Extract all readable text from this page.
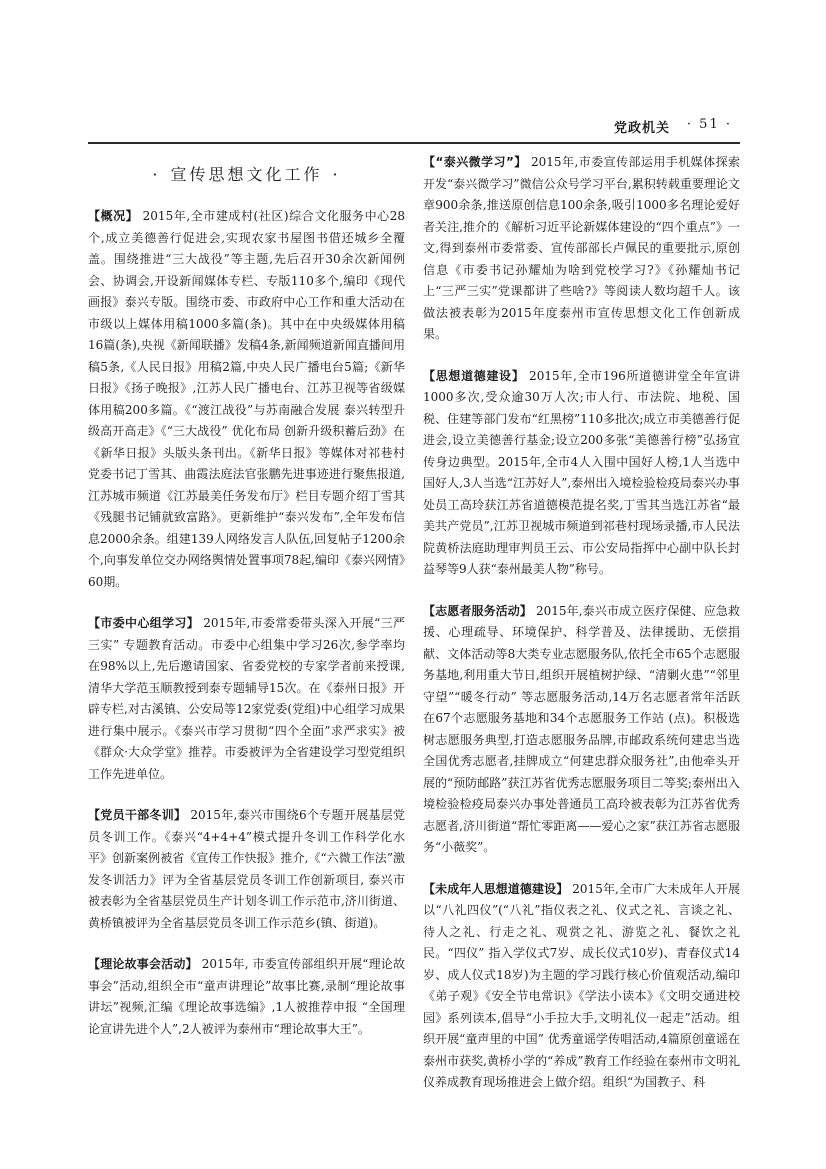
党政机关 · 51 ·
· 宣传思想文化工作 ·

【概况】 2015年,全市建成村(社区)综合文化服务中心28个,成立美德善行促进会,实现农家书屋图书借还城乡全覆盖。围绕推进“三大战役”等主题,先后召开30余次新闻例会、协调会,开设新闻媒体专栏、专版110多个,编印《现代画报》泰兴专版。围绕市委、市政府中心工作和重大活动在市级以上媒体用稿1000多篇(条)。其中在中央级媒体用稿16篇(条),央视《新闻联播》发稿4条,新闻频道新闻直播间用稿5条,《人民日报》用稿2篇,中央人民广播电台5篇;《新华日报》《扬子晚报》,江苏人民广播电台、江苏卫视等省级媒体用稿200多篇。《“渡江战役”与苏南融合发展 泰兴转型升级高开高走》《“三大战役” 优化布局 创新升级积蓄后劲》在《新华日报》头版头条刊出。《新华日报》等媒体对祁巷村党委书记丁雪其、曲霞法庭法官张鹏先进事迹进行聚焦报道,江苏城市频道《江苏最美任务发布厅》栏目专题介绍丁雪其《残腿书记铺就致富路》。更新维护“泰兴发布”,全年发布信息2000余条。组建139人网络发言人队伍,回复帖子1200余个,向事发单位交办网络舆情处置事项78起,编印《泰兴网情》60期。

【市委中心组学习】 2015年,市委常委带头深入开展“三严三实” 专题教育活动。市委中心组集中学习26次,参学率均在98%以上,先后邀请国家、省委党校的专家学者前来授课,清华大学范玉顺教授到泰专题辅导15次。在《泰州日报》开辟专栏,对古溪镇、公安局等12家党委(党组)中心组学习成果进行集中展示。《泰兴市学习贯彻“四个全面”求严求实》被《群众·大众学堂》推荐。市委被评为全省建设学习型党组织工作先进单位。

【党员干部冬训】 2015年,泰兴市围绕6个专题开展基层党员冬训工作。《泰兴“4+4+4”模式提升冬训工作科学化水平》创新案例被省《宣传工作快报》推介,《“六微工作法”激发冬训活力》评为全省基层党员冬训工作创新项目, 泰兴市被表彰为全省基层党员生产计划冬训工作示范市,济川街道、黄桥镇被评为全省基层党员冬训工作示范乡(镇、街道)。

【理论故事会活动】 2015年, 市委宣传部组织开展“理论故事会”活动,组织全市“童声讲理论”故事比赛,录制“理论故事讲坛”视频,汇编《理论故事选编》,1人被推荐申报 “全国理论宣讲先进个人”,2人被评为泰州市“理论故事大王”。

【“泰兴微学习”】 2015年,市委宣传部运用手机媒体探索开发“泰兴微学习”微信公众号学习平台,累积转载重要理论文章900余条,推送原创信息100余条,吸引1000多名理论爱好者关注,推介的《解析习近平论新媒体建设的“四个重点”》一文,得到泰州市委常委、宣传部部长卢佩民的重要批示,原创信息《市委书记孙耀灿为啥到党校学习?》《孙耀灿书记上“三严三实”党课都讲了些啥?》等阅读人数均超千人。该做法被表彰为2015年度泰州市宣传思想文化工作创新成果。

【思想道德建设】 2015年,全市196所道德讲堂全年宣讲1000多次,受众逾30万人次;市人行、市法院、地税、国税、住建等部门发布“红黑榜”110多批次;成立市美德善行促进会,设立美德善行基金;设立200多张“美德善行榜”弘扬宣传身边典型。2015年,全市4人入围中国好人榜,1人当选中国好人,3人当选“江苏好人”,泰州出入境检验检疫局泰兴办事处员工高玲获江苏省道德模范提名奖,丁雪其当选江苏省“最美共产党员”,江苏卫视城市频道到祁巷村现场录播,市人民法院黄桥法庭助理审判员王云、市公安局指挥中心副中队长封益琴等9人获“泰州最美人物”称号。

【志愿者服务活动】 2015年,泰兴市成立医疗保健、应急救援、心理疏导、环境保护、科学普及、法律援助、无偿捐献、文体活动等8大类专业志愿服务队,依托全市65个志愿服务基地,利用重大节日,组织开展植树护绿、“清剿火患”“邻里守望”“暖冬行动” 等志愿服务活动,14万名志愿者常年活跃在67个志愿服务基地和34个志愿服务工作站 (点)。积极选树志愿服务典型,打造志愿服务品牌,市邮政系统何建忠当选全国优秀志愿者,挂牌成立“何建忠群众服务社”,由他牵头开展的“预防邮路”获江苏省优秀志愿服务项目二等奖;泰州出入境检验检疫局泰兴办事处普通员工高玲被表彰为江苏省优秀志愿者,济川街道“帮忙零距离——爱心之家”获江苏省志愿服务“小薇奖”。

【未成年人思想道德建设】 2015年,全市广大未成年人开展以“八礼四仪”(“八礼”指仪表之礼、仪式之礼、言谈之礼、待人之礼、行走之礼、观赏之礼、游览之礼、餐饮之礼民。“四仪” 指入学仪式7岁、成长仪式10岁)、青春仪式14岁、成人仪式18岁)为主题的学习践行核心价值观活动,编印《弟子观》《安全节电常识》《学法小读本》《文明交通进校园》系列读本,倡导“小手拉大手,文明礼仪一起走”活动。组织开展“童声里的中国” 优秀童谣学传唱活动,4篇原创童谣在泰州市获奖,黄桥小学的“养成”教育工作经验在泰州市文明礼仪养成教育现场推进会上做介绍。组织“为国教子、科
